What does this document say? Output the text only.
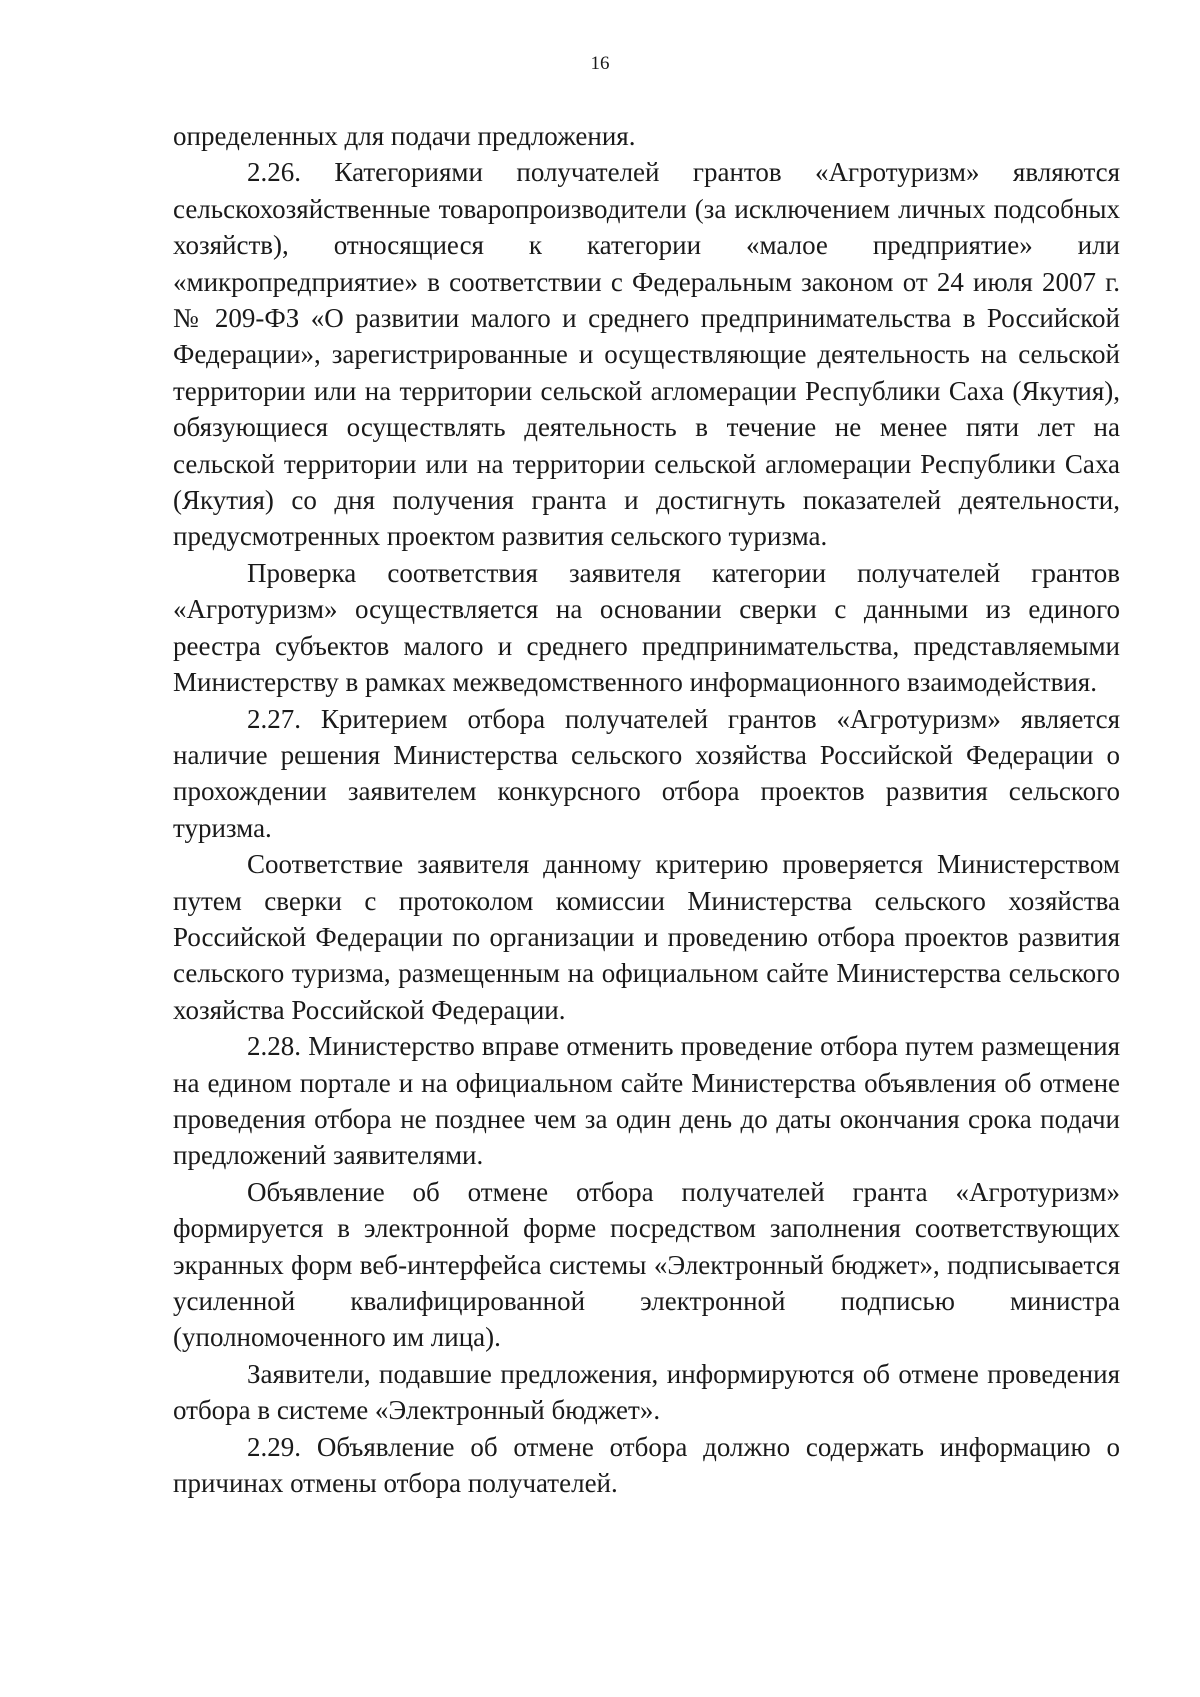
16

определенных для подачи предложения.

2.26. Категориями получателей грантов «Агротуризм» являются сельскохозяйственные товаропроизводители (за исключением личных подсобных хозяйств), относящиеся к категории «малое предприятие» или «микропредприятие» в соответствии с Федеральным законом от 24 июля 2007 г. № 209-ФЗ «О развитии малого и среднего предпринимательства в Российской Федерации», зарегистрированные и осуществляющие деятельность на сельской территории или на территории сельской агломерации Республики Саха (Якутия), обязующиеся осуществлять деятельность в течение не менее пяти лет на сельской территории или на территории сельской агломерации Республики Саха (Якутия) со дня получения гранта и достигнуть показателей деятельности, предусмотренных проектом развития сельского туризма.

Проверка соответствия заявителя категории получателей грантов «Агротуризм» осуществляется на основании сверки с данными из единого реестра субъектов малого и среднего предпринимательства, представляемыми Министерству в рамках межведомственного информационного взаимодействия.

2.27. Критерием отбора получателей грантов «Агротуризм» является наличие решения Министерства сельского хозяйства Российской Федерации о прохождении заявителем конкурсного отбора проектов развития сельского туризма.

Соответствие заявителя данному критерию проверяется Министерством путем сверки с протоколом комиссии Министерства сельского хозяйства Российской Федерации по организации и проведению отбора проектов развития сельского туризма, размещенным на официальном сайте Министерства сельского хозяйства Российской Федерации.

2.28. Министерство вправе отменить проведение отбора путем размещения на едином портале и на официальном сайте Министерства объявления об отмене проведения отбора не позднее чем за один день до даты окончания срока подачи предложений заявителями.

Объявление об отмене отбора получателей гранта «Агротуризм» формируется в электронной форме посредством заполнения соответствующих экранных форм веб-интерфейса системы «Электронный бюджет», подписывается усиленной квалифицированной электронной подписью министра (уполномоченного им лица).

Заявители, подавшие предложения, информируются об отмене проведения отбора в системе «Электронный бюджет».

2.29. Объявление об отмене отбора должно содержать информацию о причинах отмены отбора получателей.
